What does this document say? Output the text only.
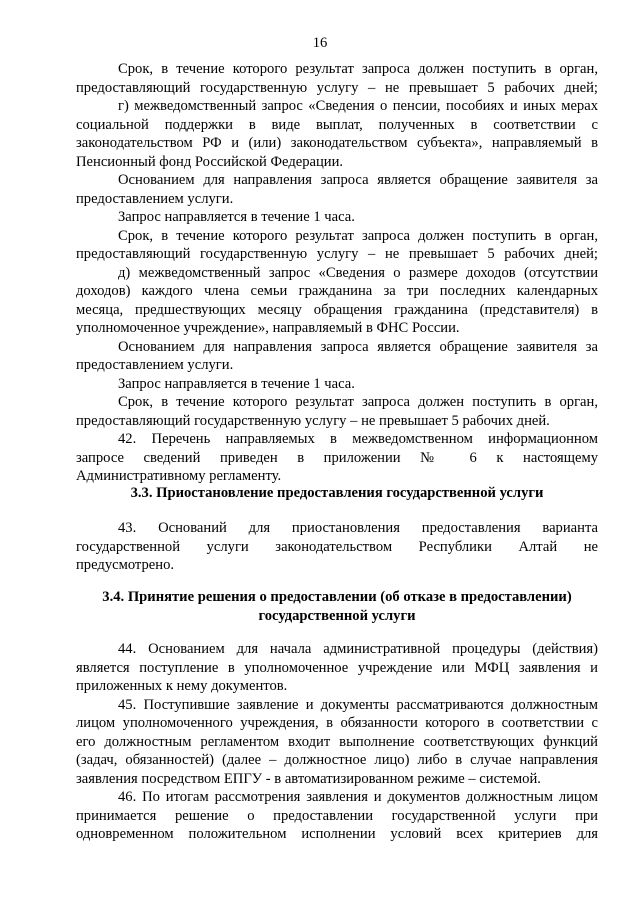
16
Срок, в течение которого результат запроса должен поступить в орган,
предоставляющий государственную услугу – не превышает 5 рабочих дней;
г) межведомственный запрос «Сведения о пенсии, пособиях и иных мерах
социальной поддержки в виде выплат, полученных в соответствии с
законодательством РФ и (или) законодательством субъекта», направляемый в
Пенсионный фонд Российской Федерации.
Основанием для направления запроса является обращение заявителя за
предоставлением услуги.
Запрос направляется в течение 1 часа.
Срок, в течение которого результат запроса должен поступить в орган,
предоставляющий государственную услугу – не превышает 5 рабочих дней;
д) межведомственный запрос «Сведения о размере доходов (отсутствии
доходов) каждого члена семьи гражданина за три последних календарных
месяца, предшествующих месяцу обращения гражданина (представителя) в
уполномоченное учреждение», направляемый в ФНС России.
Основанием для направления запроса является обращение заявителя за
предоставлением услуги.
Запрос направляется в течение 1 часа.
Срок, в течение которого результат запроса должен поступить в орган,
предоставляющий государственную услугу – не превышает 5 рабочих дней.
42. Перечень направляемых в межведомственном информационном
запросе сведений приведен в приложении № 6 к настоящему
Административному регламенту.
3.3. Приостановление предоставления государственной услуги
43. Оснований для приостановления предоставления варианта
государственной услуги законодательством Республики Алтай не
предусмотрено.
3.4. Принятие решения о предоставлении (об отказе в предоставлении)
государственной услуги
44. Основанием для начала административной процедуры (действия)
является поступление в уполномоченное учреждение или МФЦ заявления и
приложенных к нему документов.
45. Поступившие заявление и документы рассматриваются должностным
лицом уполномоченного учреждения, в обязанности которого в соответствии с
его должностным регламентом входит выполнение соответствующих функций
(задач, обязанностей) (далее – должностное лицо) либо в случае направления
заявления посредством ЕПГУ - в автоматизированном режиме – системой.
46. По итогам рассмотрения заявления и документов должностным лицом
принимается решение о предоставлении государственной услуги при
одновременном положительном исполнении условий всех критериев для
